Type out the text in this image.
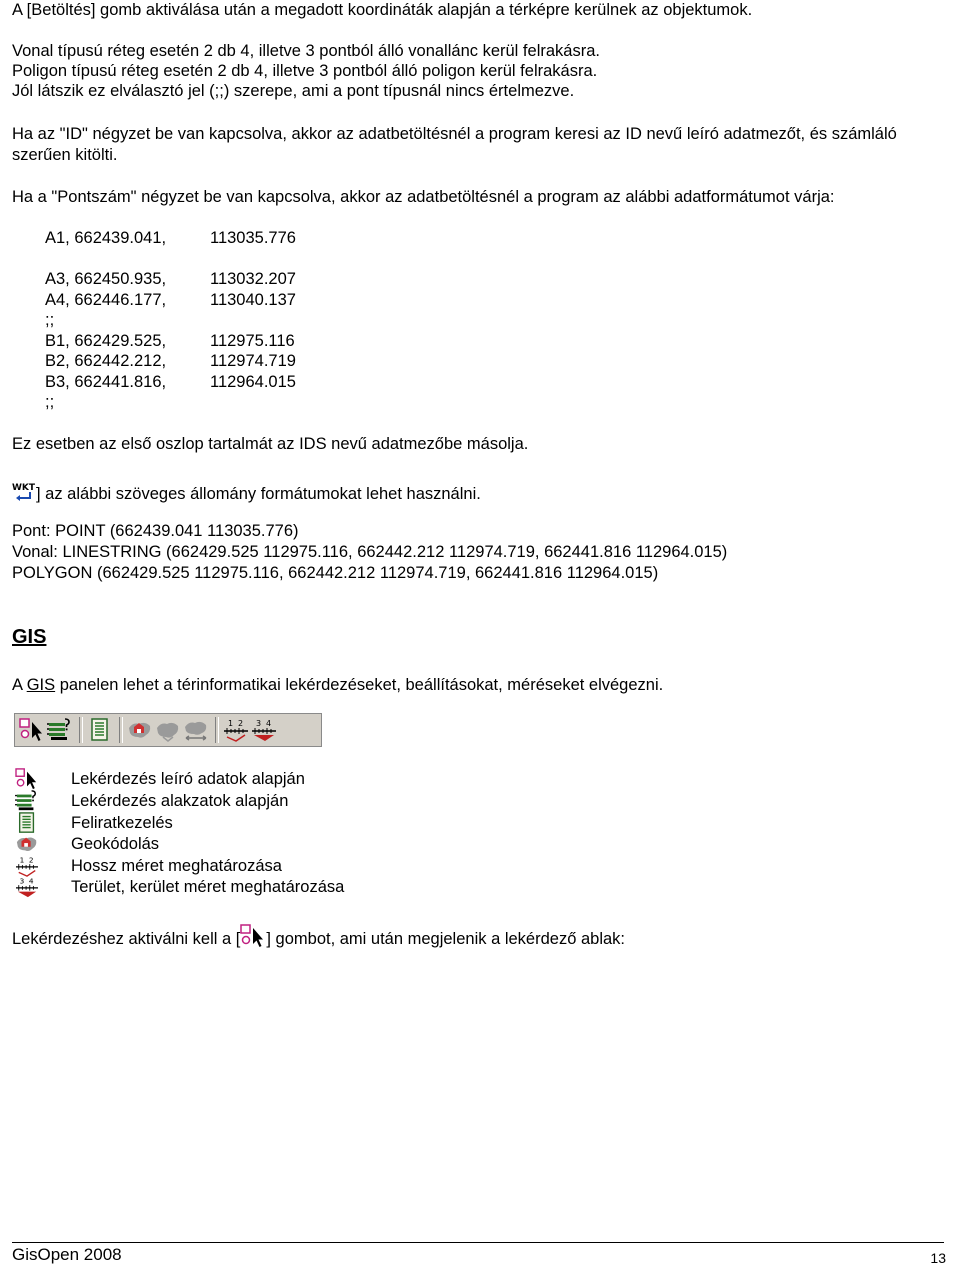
A [Betöltés] gomb aktiválása után a megadott koordináták alapján a térképre kerülnek az objektumok.
Vonal típusú réteg esetén 2 db 4, illetve 3 pontból álló vonallánc kerül felrakásra.
Poligon típusú réteg esetén 2 db 4, illetve 3 pontból álló poligon kerül felrakásra.
Jól látszik ez elválasztó jel (;;) szerepe, ami a pont típusnál nincs értelmezve.
Ha az "ID" négyzet be van kapcsolva, akkor az adatbetöltésnél a program keresi az ID nevű leíró adatmezőt, és számláló szerűen kitölti.
Ha a "Pontszám" négyzet be van kapcsolva, akkor az adatbetöltésnél a program az alábbi adatformátumot várja:
A1, 662439.041,	113035.776
A3, 662450.935,	113032.207
A4, 662446.177,	113040.137
;;
B1, 662429.525,	112975.116
B2, 662442.212,	112974.719
B3, 662441.816,	112964.015
;;
Ez esetben az első oszlop tartalmát az IDS nevű adatmezőbe másolja.
] az alábbi szöveges állomány formátumokat lehet használni.
Pont: POINT (662439.041 113035.776)
Vonal: LINESTRING (662429.525 112975.116, 662442.212 112974.719, 662441.816 112964.015)
POLYGON (662429.525 112975.116, 662442.212 112974.719, 662441.816 112964.015)
GIS
A GIS panelen lehet a térinformatikai lekérdezéseket, beállításokat, méréseket elvégezni.
Lekérdezés leíró adatok alapján
Lekérdezés alakzatok alapján
Feliratkezelés
Geokódolás
Hossz méret meghatározása
Terület, kerület méret meghatározása
Lekérdezéshez aktiválni kell a [ ] gombot, ami után megjelenik a lekérdező ablak:
GisOpen 2008	13
